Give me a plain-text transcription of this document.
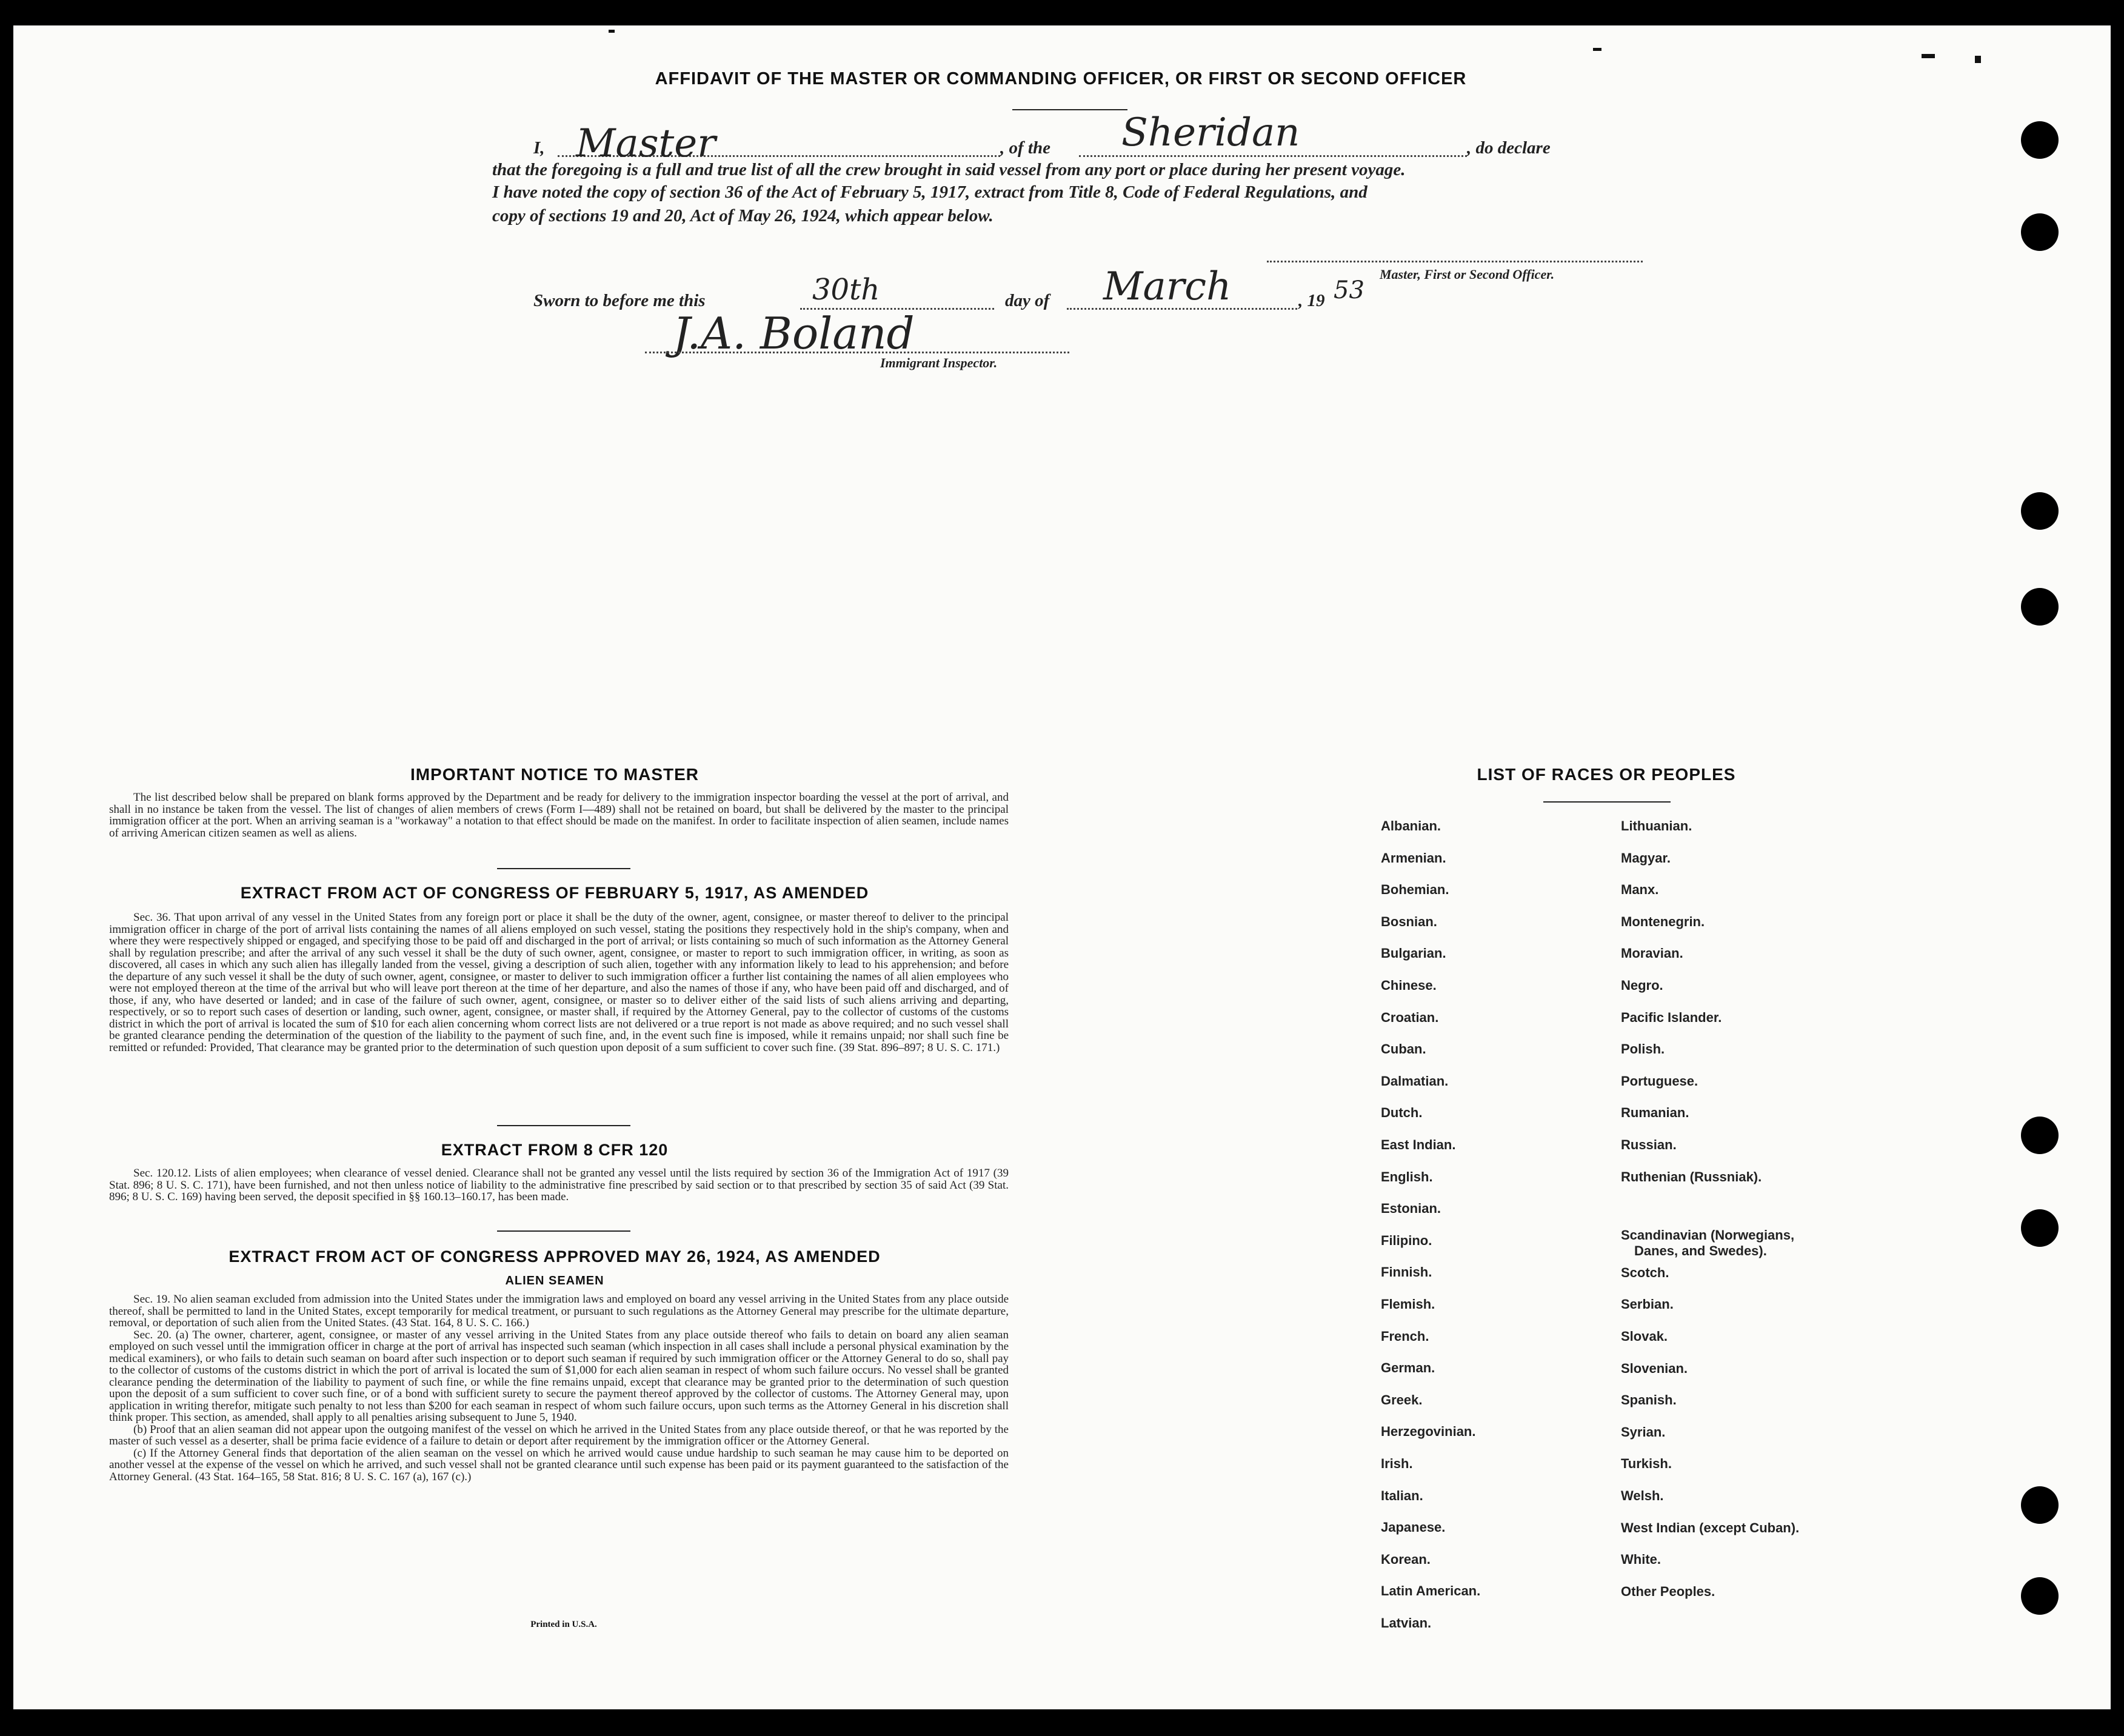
AFFIDAVIT OF THE MASTER OR COMMANDING OFFICER, OR FIRST OR SECOND OFFICER
I,	, of the	, do declare
Master	Sheridan
that the foregoing is a full and true list of all the crew brought in said vessel from any port or place during her present voyage.
I have noted the copy of section 36 of the Act of February 5, 1917, extract from Title 8, Code of Federal Regulations, and
copy of sections 19 and 20, Act of May 26, 1924, which appear below.
Master, First or Second Officer.
Sworn to before me this	day of	, 19
30th	March	53
J.A. Boland
Immigrant Inspector.
IMPORTANT NOTICE TO MASTER

The list described below shall be prepared on blank forms approved by the Department and be ready for delivery to the immigration inspector boarding the vessel at the port of arrival, and shall in no instance be taken from the vessel. The list of changes of alien members of crews (Form I—489) shall not be retained on board, but shall be delivered by the master to the principal immigration officer at the port. When an arriving seaman is a "workaway" a notation to that effect should be made on the manifest. In order to facilitate inspection of alien seamen, include names of arriving American citizen seamen as well as aliens.

EXTRACT FROM ACT OF CONGRESS OF FEBRUARY 5, 1917, AS AMENDED

Sec. 36. That upon arrival of any vessel in the United States from any foreign port or place it shall be the duty of the owner, agent, consignee, or master thereof to deliver to the principal immigration officer in charge of the port of arrival lists containing the names of all aliens employed on such vessel, stating the positions they respectively hold in the ship's company, when and where they were respectively shipped or engaged, and specifying those to be paid off and discharged in the port of arrival; or lists containing so much of such information as the Attorney General shall by regulation prescribe; and after the arrival of any such vessel it shall be the duty of such owner, agent, consignee, or master to report to such immigration officer, in writing, as soon as discovered, all cases in which any such alien has illegally landed from the vessel, giving a description of such alien, together with any information likely to lead to his apprehension; and before the departure of any such vessel it shall be the duty of such owner, agent, consignee, or master to deliver to such immigration officer a further list containing the names of all alien employees who were not employed thereon at the time of the arrival but who will leave port thereon at the time of her departure, and also the names of those if any, who have been paid off and discharged, and of those, if any, who have deserted or landed; and in case of the failure of such owner, agent, consignee, or master so to deliver either of the said lists of such aliens arriving and departing, respectively, or so to report such cases of desertion or landing, such owner, agent, consignee, or master shall, if required by the Attorney General, pay to the collector of customs of the customs district in which the port of arrival is located the sum of $10 for each alien concerning whom correct lists are not delivered or a true report is not made as above required; and no such vessel shall be granted clearance pending the determination of the question of the liability to the payment of such fine, and, in the event such fine is imposed, while it remains unpaid; nor shall such fine be remitted or refunded: Provided, That clearance may be granted prior to the determination of such question upon deposit of a sum sufficient to cover such fine. (39 Stat. 896–897; 8 U. S. C. 171.)

EXTRACT FROM 8 CFR 120

Sec. 120.12. Lists of alien employees; when clearance of vessel denied. Clearance shall not be granted any vessel until the lists required by section 36 of the Immigration Act of 1917 (39 Stat. 896; 8 U. S. C. 171), have been furnished, and not then unless notice of liability to the administrative fine prescribed by said section or to that prescribed by section 35 of said Act (39 Stat. 896; 8 U. S. C. 169) having been served, the deposit specified in §§ 160.13–160.17, has been made.

EXTRACT FROM ACT OF CONGRESS APPROVED MAY 26, 1924, AS AMENDED
ALIEN SEAMEN

Sec. 19. No alien seaman excluded from admission into the United States under the immigration laws and employed on board any vessel arriving in the United States from any place outside thereof, shall be permitted to land in the United States, except temporarily for medical treatment, or pursuant to such regulations as the Attorney General may prescribe for the ultimate departure, removal, or deportation of such alien from the United States. (43 Stat. 164, 8 U. S. C. 166.)

Sec. 20. (a) The owner, charterer, agent, consignee, or master of any vessel arriving in the United States from any place outside thereof who fails to detain on board any alien seaman employed on such vessel until the immigration officer in charge at the port of arrival has inspected such seaman (which inspection in all cases shall include a personal physical examination by the medical examiners), or who fails to detain such seaman on board after such inspection or to deport such seaman if required by such immigration officer or the Attorney General to do so, shall pay to the collector of customs of the customs district in which the port of arrival is located the sum of $1,000 for each alien seaman in respect of whom such failure occurs. No vessel shall be granted clearance pending the determination of the liability to payment of such fine, or while the fine remains unpaid, except that clearance may be granted prior to the determination of such question upon the deposit of a sum sufficient to cover such fine, or of a bond with sufficient surety to secure the payment thereof approved by the collector of customs. The Attorney General may, upon application in writing therefor, mitigate such penalty to not less than $200 for each seaman in respect of whom such failure occurs, upon such terms as the Attorney General in his discretion shall think proper. This section, as amended, shall apply to all penalties arising subsequent to June 5, 1940.

(b) Proof that an alien seaman did not appear upon the outgoing manifest of the vessel on which he arrived in the United States from any place outside thereof, or that he was reported by the master of such vessel as a deserter, shall be prima facie evidence of a failure to detain or deport after requirement by the immigration officer or the Attorney General.

(c) If the Attorney General finds that deportation of the alien seaman on the vessel on which he arrived would cause undue hardship to such seaman he may cause him to be deported on another vessel at the expense of the vessel on which he arrived, and such vessel shall not be granted clearance until such expense has been paid or its payment guaranteed to the satisfaction of the Attorney General. (43 Stat. 164–165, 58 Stat. 816; 8 U. S. C. 167 (a), 167 (c).)

Printed in U.S.A.
LIST OF RACES OR PEOPLES
Albanian.
Armenian.
Bohemian.
Bosnian.
Bulgarian.
Chinese.
Croatian.
Cuban.
Dalmatian.
Dutch.
East Indian.
English.
Estonian.
Filipino.
Finnish.
Flemish.
French.
German.
Greek.
Herzegovinian.
Irish.
Italian.
Japanese.
Korean.
Latin American.
Latvian.
Lithuanian.
Magyar.
Manx.
Montenegrin.
Moravian.
Negro.
Pacific Islander.
Polish.
Portuguese.
Rumanian.
Russian.
Ruthenian (Russniak).
Scandinavian (Norwegians,
Danes, and Swedes).
Scotch.
Serbian.
Slovak.
Slovenian.
Spanish.
Syrian.
Turkish.
Welsh.
West Indian (except Cuban).
White.
Other Peoples.
